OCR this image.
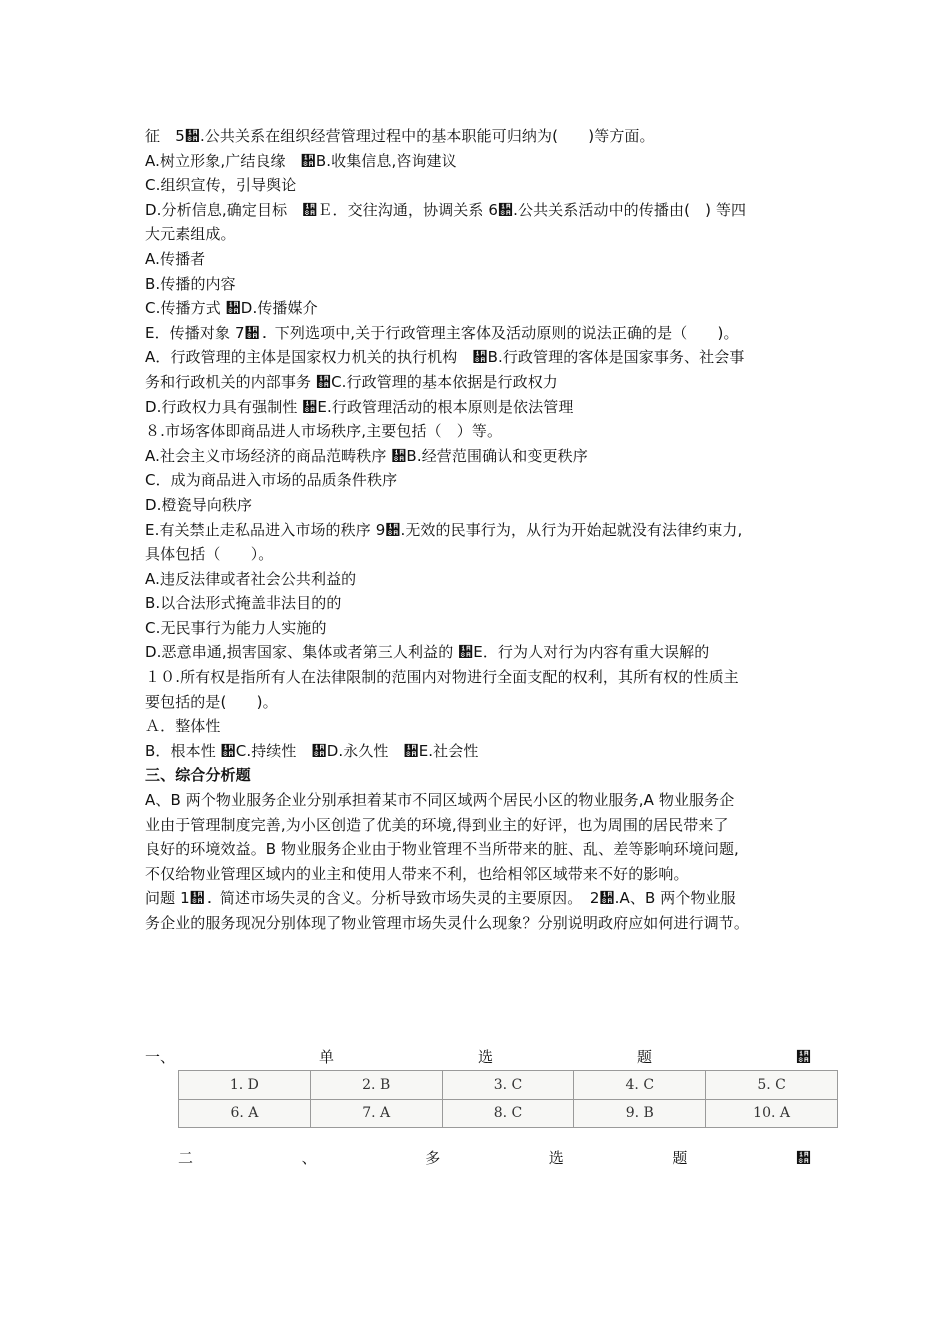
征　5᪊.公共关系在组织经营管理过程中的基本职能可归纳为(　　)等方面。
A.树立形象,广结良缘　᪊B.收集信息,咨询建议
C.组织宣传，引导舆论
D.分析信息,确定目标　᪊Ｅ．交往沟通，协调关系 6᪊.公共关系活动中的传播由(　) 等四
大元素组成。
A.传播者
B.传播的内容
C.传播方式 ᪊D.传播媒介
E．传播对象 7᪊．下列选项中,关于行政管理主客体及活动原则的说法正确的是（　　)。
A．行政管理的主体是国家权力机关的执行机构　᪊B.行政管理的客体是国家事务、社会事
务和行政机关的内部事务 ᪊C.行政管理的基本依据是行政权力
D.行政权力具有强制性 ᪊E.行政管理活动的根本原则是依法管理
８.市场客体即商品进人市场秩序,主要包括（　）等。
A.社会主义市场经济的商品范畴秩序 ᪊B.经营范围确认和变更秩序
C．成为商品进入市场的品质条件秩序
D.橙瓷导向秩序
E.有关禁止走私品进入市场的秩序 9᪊.无效的民事行为，从行为开始起就没有法律约束力,
具体包括（　　）。
A.违反法律或者社会公共利益的
B.以合法形式掩盖非法目的的
C.无民事行为能力人实施的
D.恶意串通,损害国家、集体或者第三人利益的 ᪊E．行为人对行为内容有重大误解的
１０.所有权是指所有人在法律限制的范围内对物进行全面支配的权利，其所有权的性质主
要包括的是(　　)。
Ａ．整体性
B．根本性 ᪊C.持续性　᪊D.永久性　᪊E.社会性
三、综合分析题
A、B 两个物业服务企业分别承担着某市不同区域两个居民小区的物业服务,A 物业服务企
业由于管理制度完善,为小区创造了优美的环境,得到业主的好评，也为周围的居民带来了
良好的环境效益。B 物业服务企业由于物业管理不当所带来的脏、乱、差等影响环境问题,
不仅给物业管理区域内的业主和使用人带来不利，也给相邻区域带来不好的影响。
问题 1᪊．简述市场失灵的含义。分析导致市场失灵的主要原因。　2᪊.A、B 两个物业服
务企业的服务现况分别体现了物业管理市场失灵什么现象？分别说明政府应如何进行调节。
一、	单	选	题	᪊
1. D	2. B	3. C	4. C	5. C
6. A	7. A	8. C	9. B	10. A
二	、	多	选	题	᪊
